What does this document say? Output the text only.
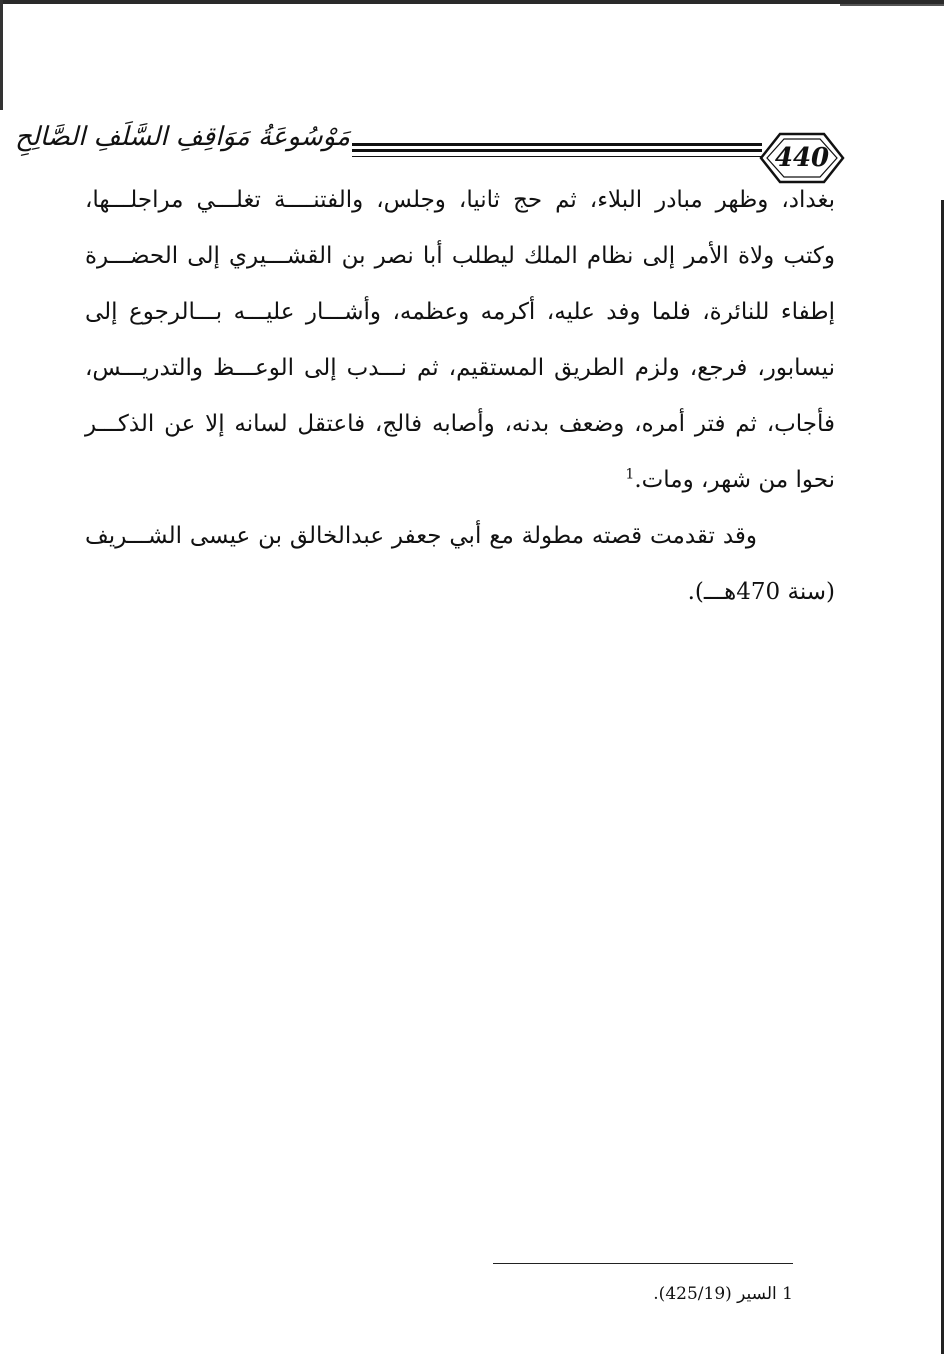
440
مَوْسُوعَةُ مَوَاقِفِ السَّلَفِ الصَّالِحِ
بغداد، وظهر مبادر البلاء، ثم حج ثانيا، وجلس، والفتنــــة تغلـــي مراجلـــها،
وكتب ولاة الأمر إلى نظام الملك ليطلب أبا نصر بن القشـــيري إلى الحضـــرة
إطفاء للنائرة، فلما وفد عليه، أكرمه وعظمه، وأشـــار عليـــه بـــالرجوع إلى
نيسابور، فرجع، ولزم الطريق المستقيم، ثم نـــدب إلى الوعـــظ والتدريـــس،
فأجاب، ثم فتر أمره، وضعف بدنه، وأصابه فالج، فاعتقل لسانه إلا عن الذكـــر
نحوا من شهر، ومات.$^1$
وقد تقدمت قصته مطولة مع أبي جعفر عبدالخالق بن عيسى الشـــريف
(سنة 470هـــ).
1 السير (425/19).
